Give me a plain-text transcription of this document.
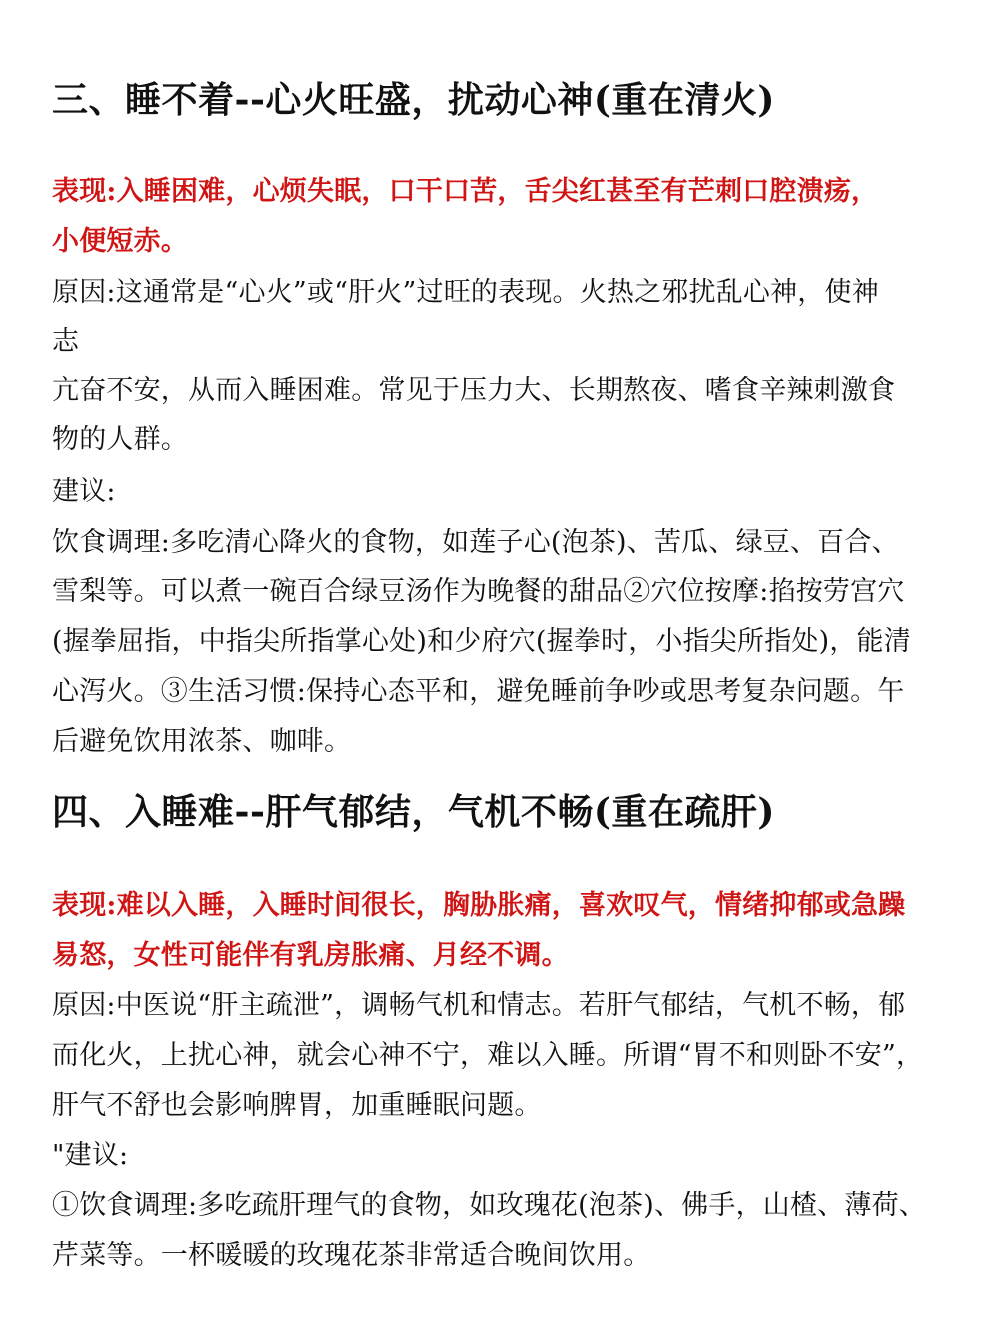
三、睡不着--心火旺盛，扰动心神(重在清火)
表现:入睡困难，心烦失眠，口干口苦，舌尖红甚至有芒刺口腔溃疡，
小便短赤。
原因:这通常是“心火”或“肝火”过旺的表现。火热之邪扰乱心神，使神
志
亢奋不安，从而入睡困难。常见于压力大、长期熬夜、嗜食辛辣刺激食
物的人群。
建议:
饮食调理:多吃清心降火的食物，如莲子心(泡茶)、苦瓜、绿豆、百合、
雪梨等。可以煮一碗百合绿豆汤作为晚餐的甜品②穴位按摩:掐按劳宫穴
(握拳屈指，中指尖所指掌心处)和少府穴(握拳时，小指尖所指处)，能清
心泻火。③生活习惯:保持心态平和，避免睡前争吵或思考复杂问题。午
后避免饮用浓茶、咖啡。
四、入睡难--肝气郁结，气机不畅(重在疏肝)
表现:难以入睡，入睡时间很长，胸胁胀痛，喜欢叹气，情绪抑郁或急躁
易怒，女性可能伴有乳房胀痛、月经不调。
原因:中医说“肝主疏泄”，调畅气机和情志。若肝气郁结，气机不畅，郁
而化火，上扰心神，就会心神不宁，难以入睡。所谓“胃不和则卧不安”，
肝气不舒也会影响脾胃，加重睡眠问题。
"建议:
①饮食调理:多吃疏肝理气的食物，如玫瑰花(泡茶)、佛手，山楂、薄荷、
芹菜等。一杯暖暖的玫瑰花茶非常适合晚间饮用。
